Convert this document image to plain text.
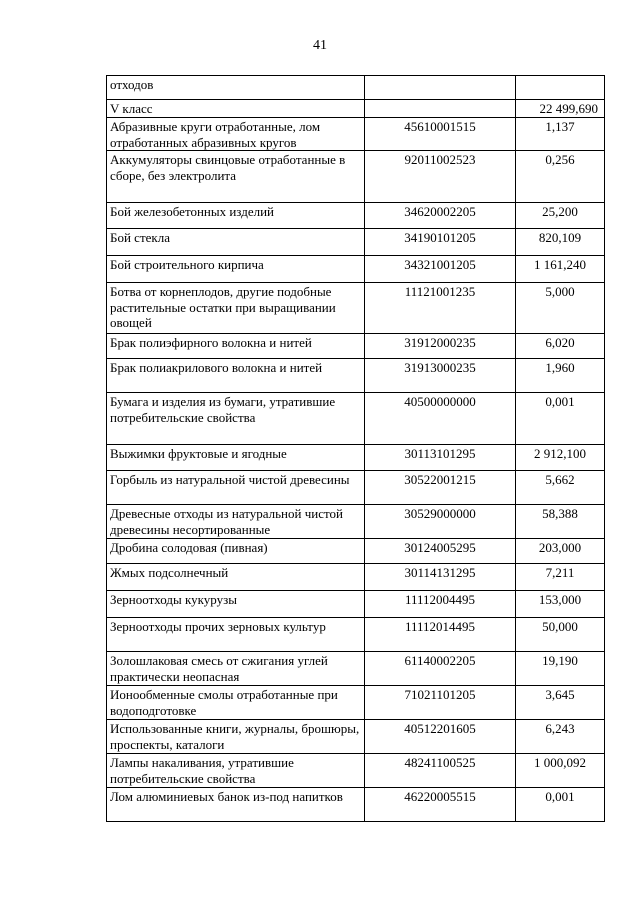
41
отходов		
V класс		22 499,690
Абразивные круги отработанные, лом отработанных абразивных кругов	45610001515	1,137
Аккумуляторы свинцовые отработанные в сборе, без электролита	92011002523	0,256
Бой железобетонных изделий	34620002205	25,200
Бой стекла	34190101205	820,109
Бой строительного кирпича	34321001205	1 161,240
Ботва от корнеплодов, другие подобные растительные остатки при выращивании овощей	11121001235	5,000
Брак полиэфирного волокна и нитей	31912000235	6,020
Брак полиакрилового волокна и нитей	31913000235	1,960
Бумага и изделия из бумаги, утратившие потребительские свойства	40500000000	0,001
Выжимки фруктовые и ягодные	30113101295	2 912,100
Горбыль из натуральной чистой древесины	30522001215	5,662
Древесные отходы из натуральной чистой древесины несортированные	30529000000	58,388
Дробина солодовая (пивная)	30124005295	203,000
Жмых подсолнечный	30114131295	7,211
Зерноотходы кукурузы	11112004495	153,000
Зерноотходы прочих зерновых культур	11112014495	50,000
Золошлаковая смесь от сжигания углей практически неопасная	61140002205	19,190
Ионообменные смолы отработанные при водоподготовке	71021101205	3,645
Использованные книги, журналы, брошюры, проспекты, каталоги	40512201605	6,243
Лампы накаливания, утратившие потребительские свойства	48241100525	1 000,092
Лом алюминиевых банок из-под напитков	46220005515	0,001
